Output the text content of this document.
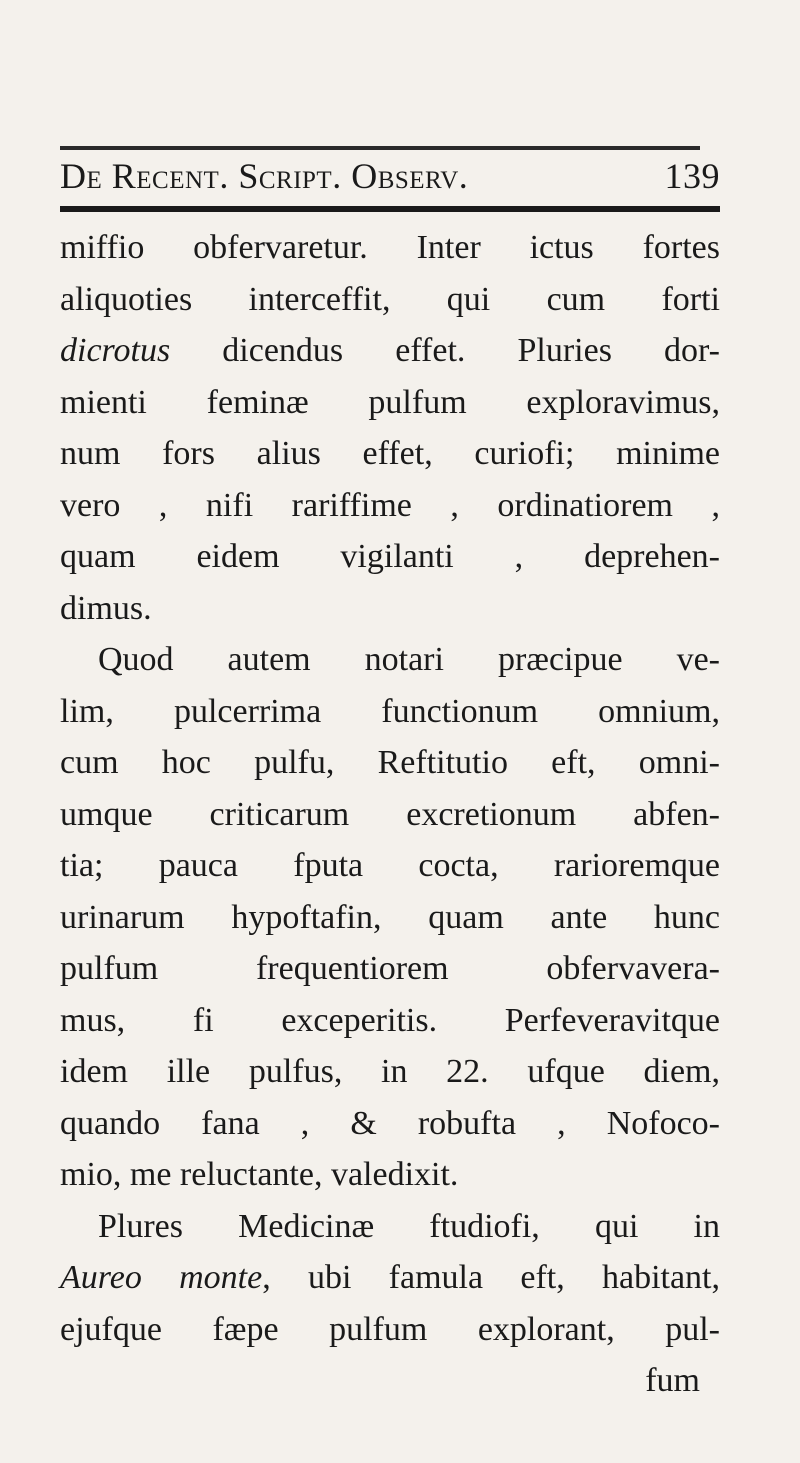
De Recent. Script. Observ.	139
miffio obfervaretur. Inter ictus fortes
aliquoties interceffit, qui cum forti
dicrotus dicendus effet. Pluries dor-
mienti feminæ pulfum exploravimus,
num fors alius effet, curiofi; minime
vero , nifi rariffime , ordinatiorem ,
quam eidem vigilanti , deprehen-
dimus.
Quod autem notari præcipue ve-
lim, pulcerrima functionum omnium,
cum hoc pulfu, Reftitutio eft, omni-
umque criticarum excretionum abfen-
tia; pauca fputa cocta, rarioremque
urinarum hypoftafin, quam ante hunc
pulfum frequentiorem obfervavera-
mus, fi exceperitis. Perfeveravitque
idem ille pulfus, in 22. ufque diem,
quando fana , & robufta , Nofoco-
mio, me reluctante, valedixit.
Plures Medicinæ ftudiofi, qui in
Aureo monte, ubi famula eft, habitant,
ejufque fæpe pulfum explorant, pul-
fum
